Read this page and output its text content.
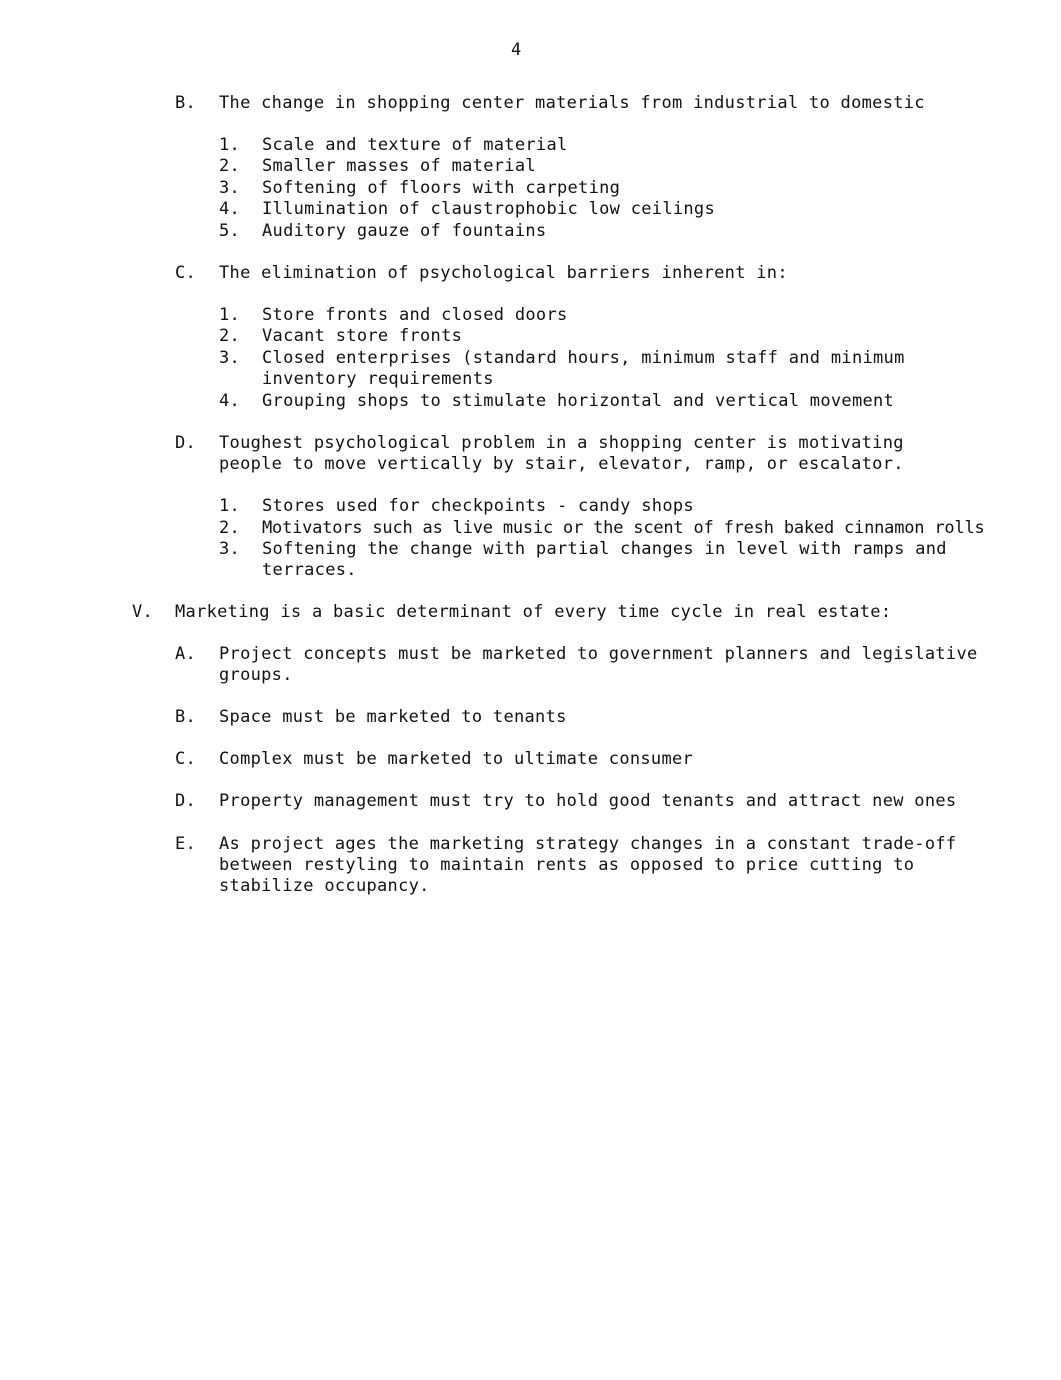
4
B. The change in shopping center materials from industrial to domestic
1. Scale and texture of material
2. Smaller masses of material
3. Softening of floors with carpeting
4. Illumination of claustrophobic low ceilings
5. Auditory gauze of fountains
C. The elimination of psychological barriers inherent in:
1. Store fronts and closed doors
2. Vacant store fronts
3. Closed enterprises (standard hours, minimum staff and minimum
inventory requirements
4. Grouping shops to stimulate horizontal and vertical movement
D. Toughest psychological problem in a shopping center is motivating
people to move vertically by stair, elevator, ramp, or escalator.
1. Stores used for checkpoints - candy shops
2. Motivators such as live music or the scent of fresh baked cinnamon rolls
3. Softening the change with partial changes in level with ramps and
terraces.
V. Marketing is a basic determinant of every time cycle in real estate:
A. Project concepts must be marketed to government planners and legislative
groups.
B. Space must be marketed to tenants
C. Complex must be marketed to ultimate consumer
D. Property management must try to hold good tenants and attract new ones
E. As project ages the marketing strategy changes in a constant trade-off
between restyling to maintain rents as opposed to price cutting to
stabilize occupancy.
